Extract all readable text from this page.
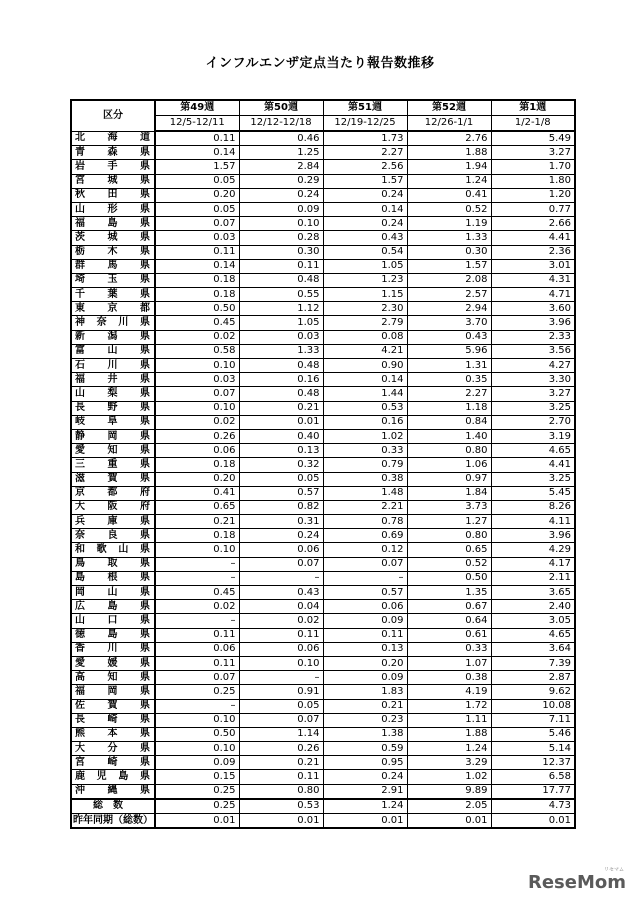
インフルエンザ定点当たり報告数推移
区分	第49週	第50週	第51週	第52週	第1週
	12/5-12/11	12/12-12/18	12/19-12/25	12/26-1/1	1/2-1/8
北海道	0.11	0.46	1.73	2.76	5.49
青森県	0.14	1.25	2.27	1.88	3.27
岩手県	1.57	2.84	2.56	1.94	1.70
宮城県	0.05	0.29	1.57	1.24	1.80
秋田県	0.20	0.24	0.24	0.41	1.20
山形県	0.05	0.09	0.14	0.52	0.77
福島県	0.07	0.10	0.24	1.19	2.66
茨城県	0.03	0.28	0.43	1.33	4.41
栃木県	0.11	0.30	0.54	0.30	2.36
群馬県	0.14	0.11	1.05	1.57	3.01
埼玉県	0.18	0.48	1.23	2.08	4.31
千葉県	0.18	0.55	1.15	2.57	4.71
東京都	0.50	1.12	2.30	2.94	3.60
神奈川県	0.45	1.05	2.79	3.70	3.96
新潟県	0.02	0.03	0.08	0.43	2.33
富山県	0.58	1.33	4.21	5.96	3.56
石川県	0.10	0.48	0.90	1.31	4.27
福井県	0.03	0.16	0.14	0.35	3.30
山梨県	0.07	0.48	1.44	2.27	3.27
長野県	0.10	0.21	0.53	1.18	3.25
岐阜県	0.02	0.01	0.16	0.84	2.70
静岡県	0.26	0.40	1.02	1.40	3.19
愛知県	0.06	0.13	0.33	0.80	4.65
三重県	0.18	0.32	0.79	1.06	4.41
滋賀県	0.20	0.05	0.38	0.97	3.25
京都府	0.41	0.57	1.48	1.84	5.45
大阪府	0.65	0.82	2.21	3.73	8.26
兵庫県	0.21	0.31	0.78	1.27	4.11
奈良県	0.18	0.24	0.69	0.80	3.96
和歌山県	0.10	0.06	0.12	0.65	4.29
鳥取県	–	0.07	0.07	0.52	4.17
島根県	–	–	–	0.50	2.11
岡山県	0.45	0.43	0.57	1.35	3.65
広島県	0.02	0.04	0.06	0.67	2.40
山口県	–	0.02	0.09	0.64	3.05
徳島県	0.11	0.11	0.11	0.61	4.65
香川県	0.06	0.06	0.13	0.33	3.64
愛媛県	0.11	0.10	0.20	1.07	7.39
高知県	0.07	–	0.09	0.38	2.87
福岡県	0.25	0.91	1.83	4.19	9.62
佐賀県	–	0.05	0.21	1.72	10.08
長崎県	0.10	0.07	0.23	1.11	7.11
熊本県	0.50	1.14	1.38	1.88	5.46
大分県	0.10	0.26	0.59	1.24	5.14
宮崎県	0.09	0.21	0.95	3.29	12.37
鹿児島県	0.15	0.11	0.24	1.02	6.58
沖縄県	0.25	0.80	2.91	9.89	17.77
総数	0.25	0.53	1.24	2.05	4.73
昨年同期（総数）	0.01	0.01	0.01	0.01	0.01
ReseMom
リセマム
